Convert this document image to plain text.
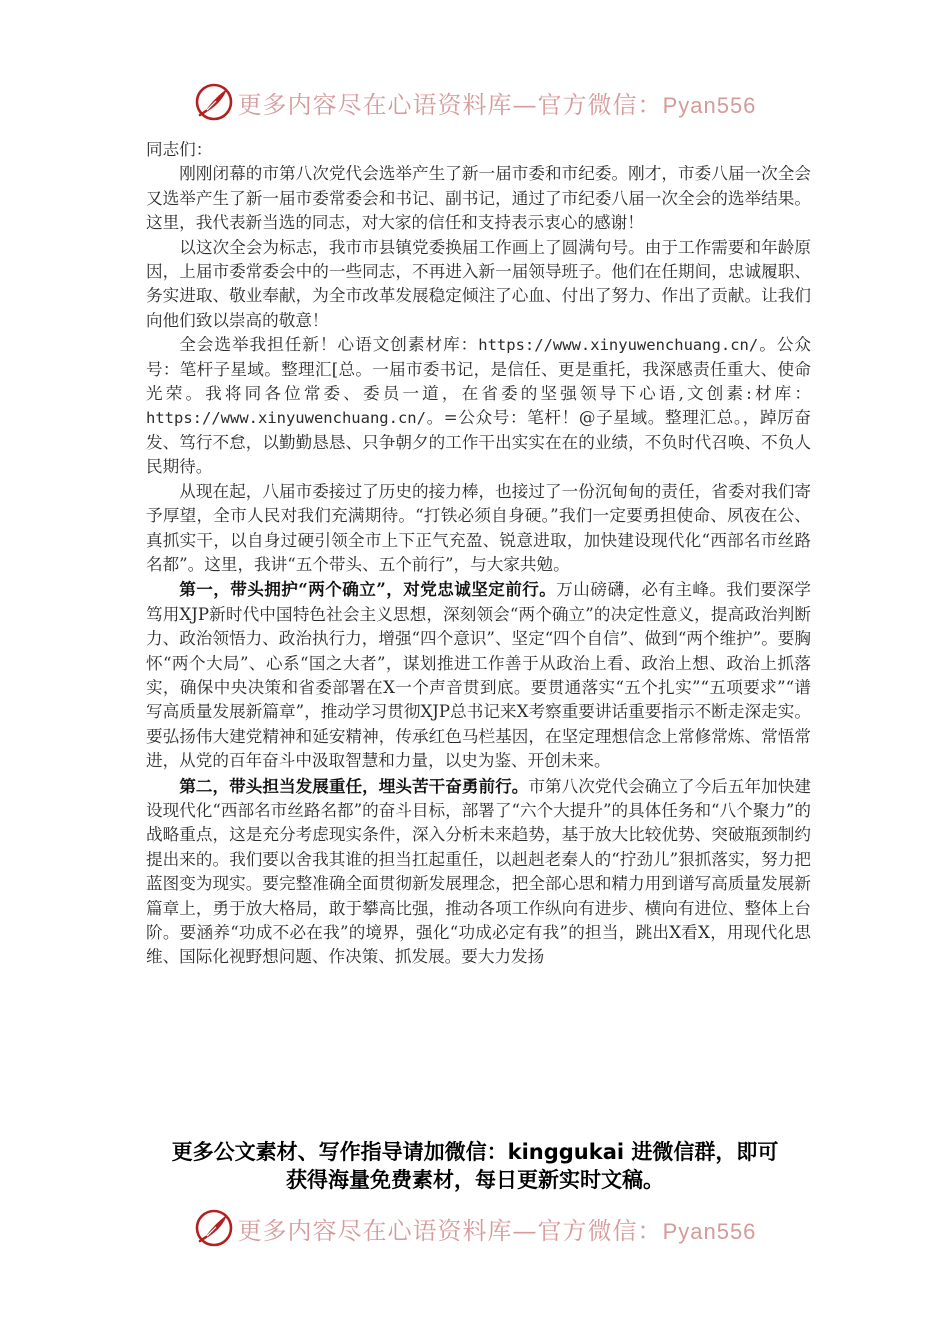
更多内容尽在心语资料库—官方微信：Pyan556

同志们：

刚刚闭幕的市第八次党代会选举产生了新一届市委和市纪委。刚才，市委八届一次全会又选举产生了新一届市委常委会和书记、副书记，通过了市纪委八届一次全会的选举结果。这里，我代表新当选的同志，对大家的信任和支持表示衷心的感谢！

以这次全会为标志，我市市县镇党委换届工作画上了圆满句号。由于工作需要和年龄原因，上届市委常委会中的一些同志，不再进入新一届领导班子。他们在任期间，忠诚履职、务实进取、敬业奉献，为全市改革发展稳定倾注了心血、付出了努力、作出了贡献。让我们向他们致以崇高的敬意！

全会选举我担任新！心语文创素材库：https://www.xinyuwenchuang.cn/。公众号：笔杆子星域。整理汇[总。一届市委书记，是信任、更是重托，我深感责任重大、使命光荣。我将同各位常委、委员一道，在省委的坚强领导下心语,文创素:材库：https://www.xinyuwenchuang.cn/。=公众号：笔杆！@子星域。整理汇总。，踔厉奋发、笃行不怠，以勤勤恳恳、只争朝夕的工作干出实实在在的业绩，不负时代召唤、不负人民期待。

从现在起，八届市委接过了历史的接力棒，也接过了一份沉甸甸的责任，省委对我们寄予厚望，全市人民对我们充满期待。“打铁必须自身硬。”我们一定要勇担使命、夙夜在公、真抓实干，以自身过硬引领全市上下正气充盈、锐意进取，加快建设现代化“西部名市丝路名都”。这里，我讲“五个带头、五个前行”，与大家共勉。

第一，带头拥护“两个确立”，对党忠诚坚定前行。万山磅礴，必有主峰。我们要深学笃用XJP新时代中国特色社会主义思想，深刻领会“两个确立”的决定性意义，提高政治判断力、政治领悟力、政治执行力，增强“四个意识”、坚定“四个自信”、做到“两个维护”。要胸怀“两个大局”、心系“国之大者”，谋划推进工作善于从政治上看、政治上想、政治上抓落实，确保中央决策和省委部署在X一个声音贯到底。要贯通落实“五个扎实”“五项要求”“谱写高质量发展新篇章”，推动学习贯彻XJP总书记来X考察重要讲话重要指示不断走深走实。要弘扬伟大建党精神和延安精神，传承红色马栏基因，在坚定理想信念上常修常炼、常悟常进，从党的百年奋斗中汲取智慧和力量，以史为鉴、开创未来。

第二，带头担当发展重任，埋头苦干奋勇前行。市第八次党代会确立了今后五年加快建设现代化“西部名市丝路名都”的奋斗目标，部署了“六个大提升”的具体任务和“八个聚力”的战略重点，这是充分考虑现实条件，深入分析未来趋势，基于放大比较优势、突破瓶颈制约提出来的。我们要以舍我其谁的担当扛起重任，以赳赳老秦人的“拧劲儿”狠抓落实，努力把蓝图变为现实。要完整准确全面贯彻新发展理念，把全部心思和精力用到谱写高质量发展新篇章上，勇于放大格局，敢于攀高比强，推动各项工作纵向有进步、横向有进位、整体上台阶。要涵养“功成不必在我”的境界，强化“功成必定有我”的担当，跳出X看X，用现代化思维、国际化视野想问题、作决策、抓发展。要大力发扬

更多公文素材、写作指导请加微信：kinggukai 进微信群，即可
获得海量免费素材，每日更新实时文稿。
更多内容尽在心语资料库—官方微信：Pyan556
